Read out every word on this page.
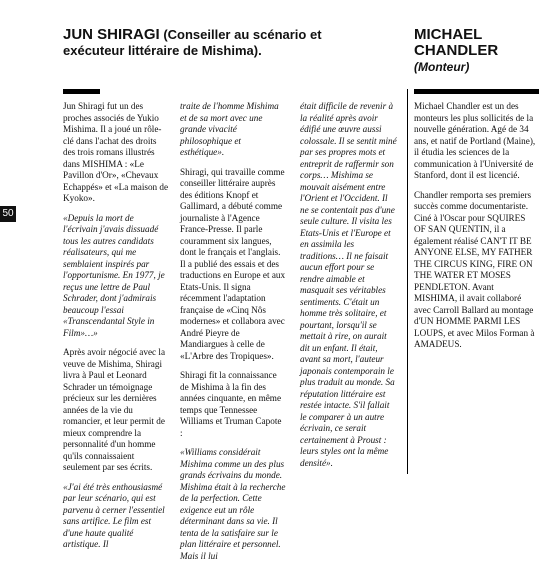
JUN SHIRAGI (Conseiller au scénario et exécuteur littéraire de Mishima).
MICHAEL CHANDLER
(Monteur)
50

Jun Shiragi fut un des proches associés de Yukio Mishima. Il a joué un rôle-clé dans l'achat des droits des trois romans illustrés dans MISHIMA : «Le Pavillon d'Or», «Chevaux Echappés» et «La maison de Kyoko».

«Depuis la mort de l'écrivain j'avais dissuadé tous les autres candidats réalisateurs, qui me semblaient inspirés par l'opportunisme. En 1977, je reçus une lettre de Paul Schrader, dont j'admirais beaucoup l'essai «Transcendantal Style in Film»…»

Après avoir négocié avec la veuve de Mishima, Shiragi livra à Paul et Leonard Schrader un témoignage précieux sur les dernières années de la vie du romancier, et leur permit de mieux comprendre la personnalité d'un homme qu'ils connaissaient seulement par ses écrits.

«J'ai été très enthousiasmé par leur scénario, qui est parvenu à cerner l'essentiel sans artifice. Le film est d'une haute qualité artistique. Il

traite de l'homme Mishima et de sa mort avec une grande vivacité philosophique et esthétique».

Shiragi, qui travaille comme conseiller littéraire auprès des éditions Knopf et Gallimard, a débuté comme journaliste à l'Agence France-Presse. Il parle couramment six langues, dont le français et l'anglais. Il a publié des essais et des traductions en Europe et aux Etats-Unis. Il signa récemment l'adaptation française de «Cinq Nôs modernes» et collabora avec André Pieyre de Mandiargues à celle de «L'Arbre des Tropiques».

Shiragi fit la connaissance de Mishima à la fin des années cinquante, en même temps que Tennessee Williams et Truman Capote :

«Williams considérait Mishima comme un des plus grands écrivains du monde. Mishima était à la recherche de la perfection. Cette exigence eut un rôle déterminant dans sa vie. Il tenta de la satisfaire sur le plan littéraire et personnel. Mais il lui

était difficile de revenir à la réalité après avoir édifié une œuvre aussi colossale. Il se sentit miné par ses propres mots et entreprit de raffermir son corps… Mishima se mouvait aisément entre l'Orient et l'Occident. Il ne se contentait pas d'une seule culture. Il visita les Etats-Unis et l'Europe et en assimila les traditions… Il ne faisait aucun effort pour se rendre aimable et masquait ses véritables sentiments. C'était un homme très solitaire, et pourtant, lorsqu'il se mettait à rire, on aurait dit un enfant. Il était, avant sa mort, l'auteur japonais contemporain le plus traduit au monde. Sa réputation littéraire est restée intacte. S'il fallait le comparer à un autre écrivain, ce serait certainement à Proust : leurs styles ont la même densité».

Michael Chandler est un des monteurs les plus sollicités de la nouvelle génération. Agé de 34 ans, et natif de Portland (Maine), il étudia les sciences de la communication à l'Université de Stanford, dont il est licencié.

Chandler remporta ses premiers succès comme documentariste. Ciné à l'Oscar pour SQUIRES OF SAN QUENTIN, il a également réalisé CAN'T IT BE ANYONE ELSE, MY FATHER THE CIRCUS KING, FIRE ON THE WATER ET MOSES PENDLETON. Avant MISHIMA, il avait collaboré avec Carroll Ballard au montage d'UN HOMME PARMI LES LOUPS, et avec Milos Forman à AMADEUS.
